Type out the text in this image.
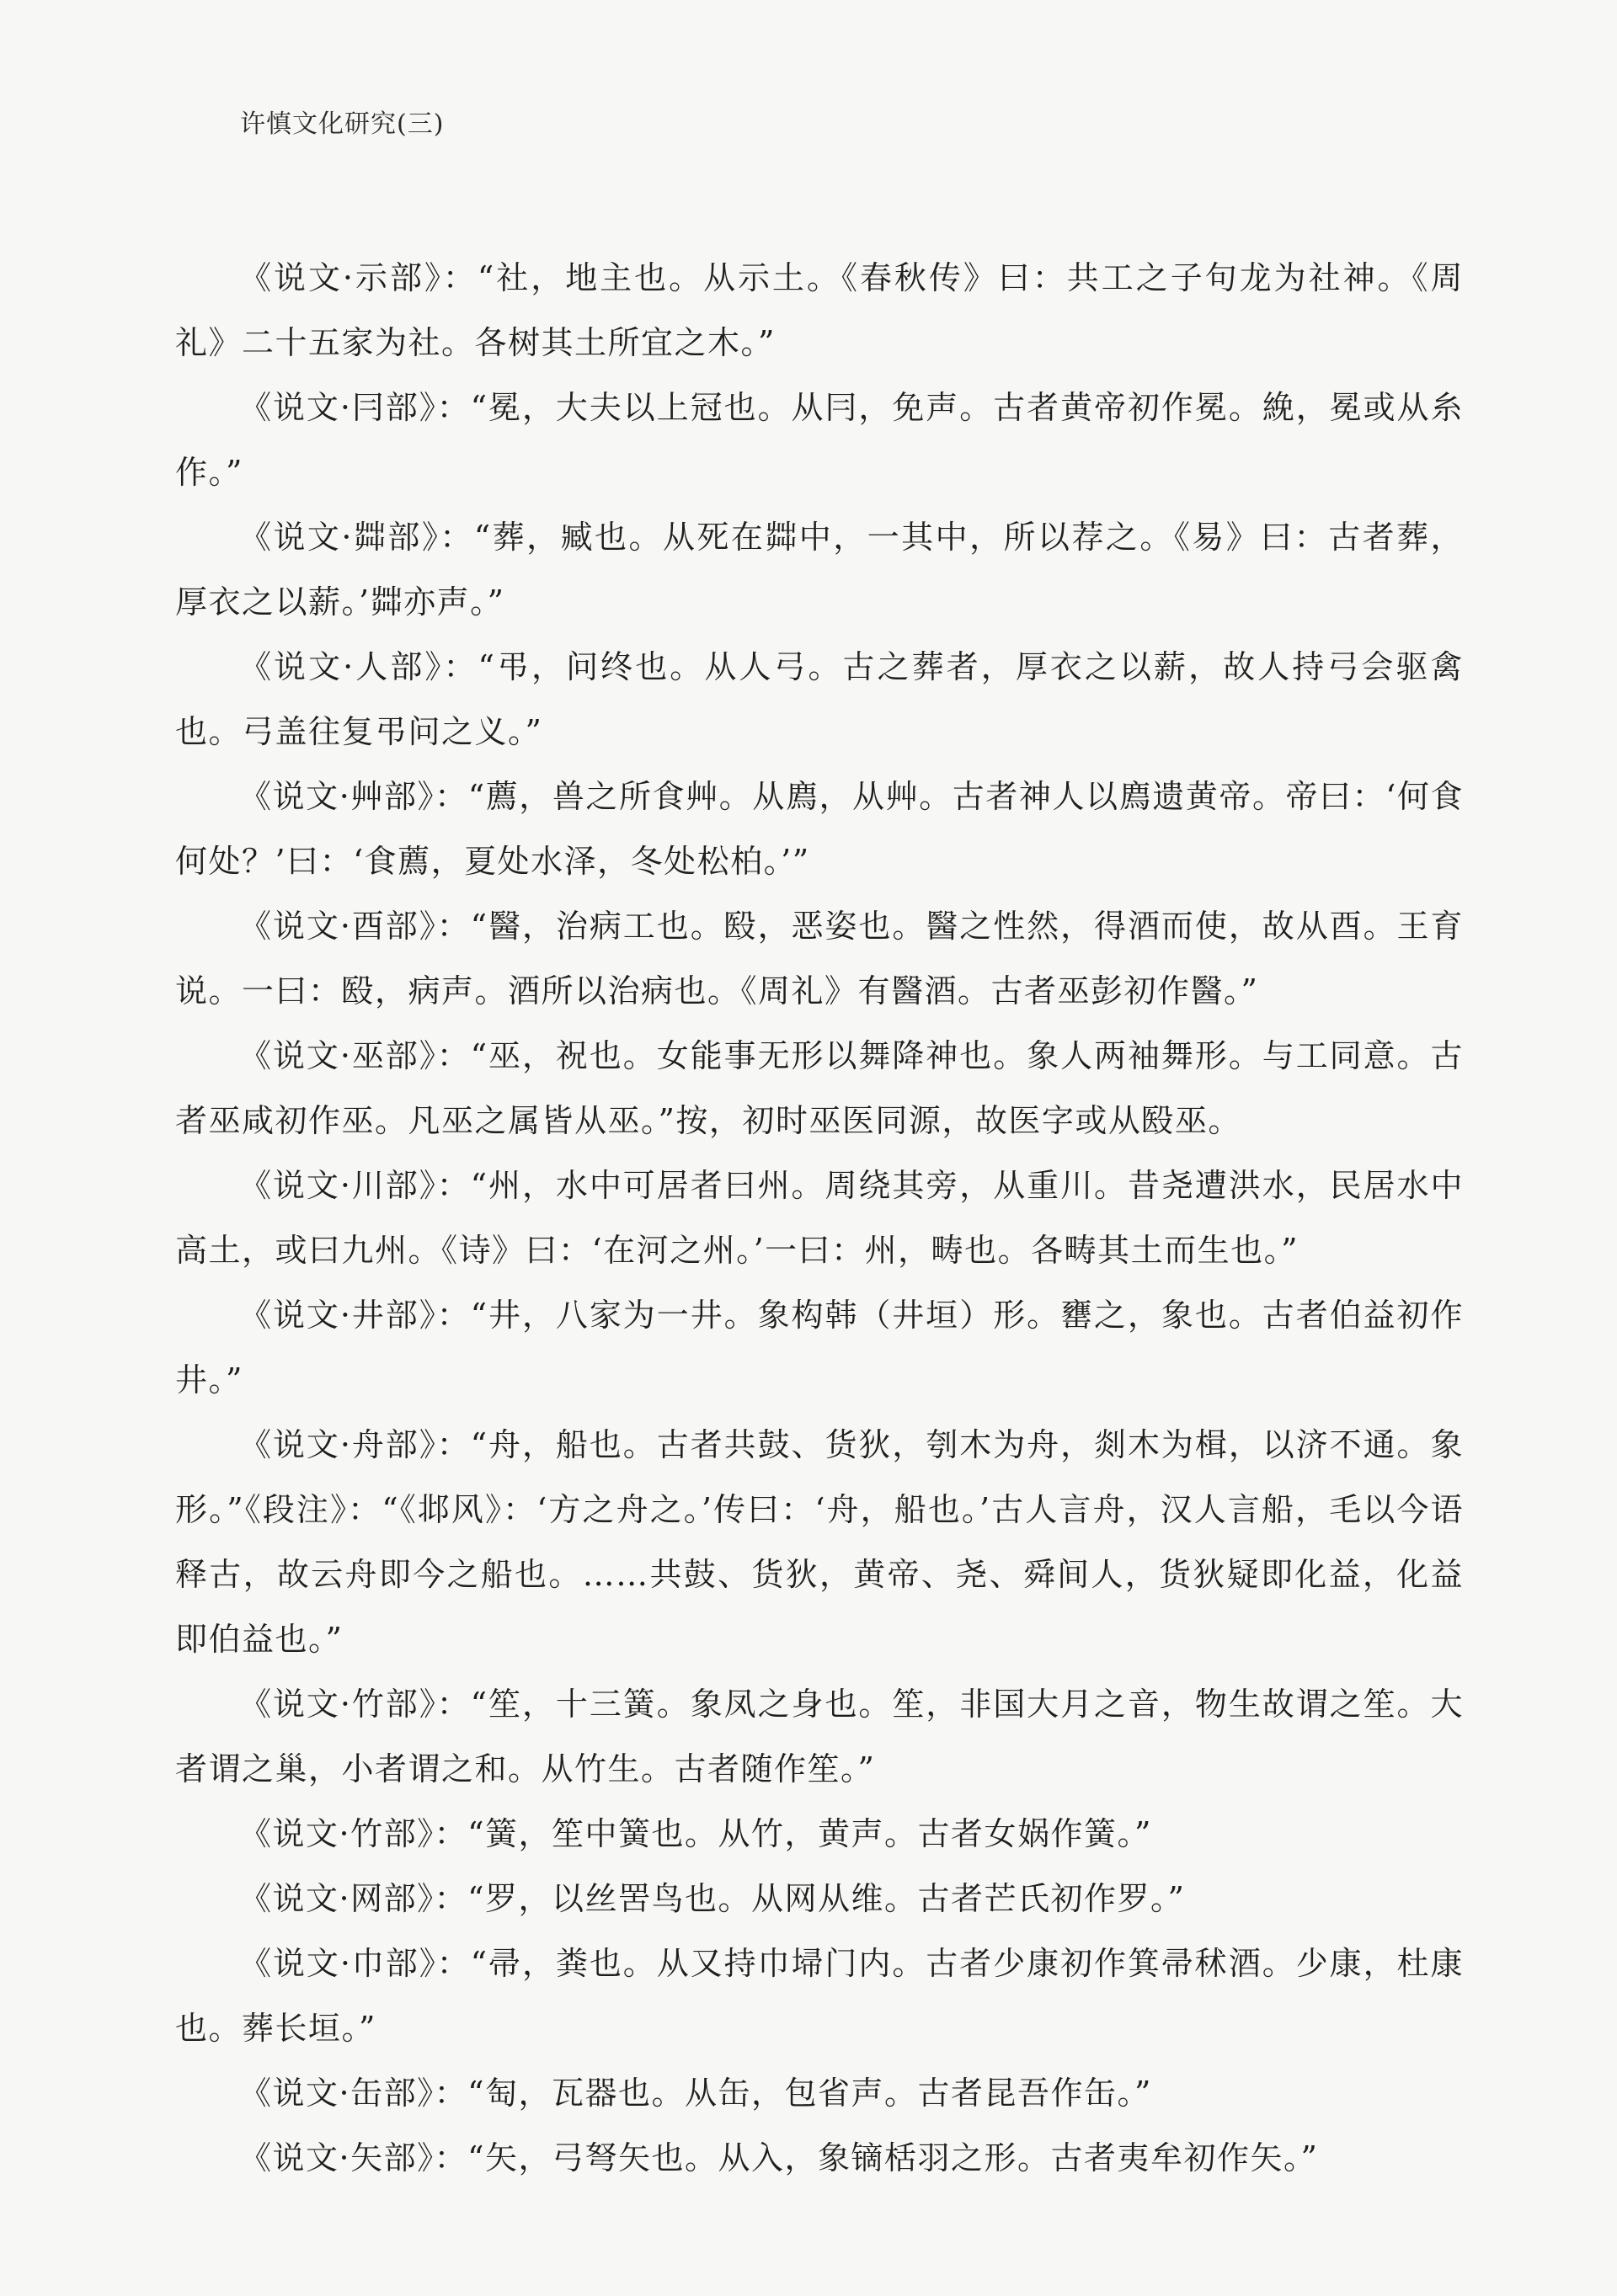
许慎文化研究(三)

《说文·示部》：“社，地主也。从示土。《春秋传》曰：共工之子句龙为社神。《周礼》二十五家为社。各树其土所宜之木。”

《说文·冃部》：“冕，大夫以上冠也。从冃，免声。古者黄帝初作冕。絻，冕或从糸作。”

《说文·茻部》：“葬，臧也。从死在茻中，一其中，所以荐之。《易》曰：古者葬，厚衣之以薪。’茻亦声。”

《说文·人部》：“弔，问终也。从人弓。古之葬者，厚衣之以薪，故人持弓会驱禽也。弓盖往复弔问之义。”

《说文·艸部》：“薦，兽之所食艸。从廌，从艸。古者神人以廌遗黄帝。帝曰：‘何食何处？’曰：‘食薦，夏处水泽，冬处松柏。’”

《说文·酉部》：“醫，治病工也。殹，恶姿也。醫之性然，得酒而使，故从酉。王育说。一曰：殹，病声。酒所以治病也。《周礼》有醫酒。古者巫彭初作醫。”

《说文·巫部》：“巫，祝也。女能事无形以舞降神也。象人两袖舞形。与工同意。古者巫咸初作巫。凡巫之属皆从巫。”按，初时巫医同源，故医字或从殹巫。

《说文·川部》：“州，水中可居者曰州。周绕其旁，从重川。昔尧遭洪水，民居水中高土，或曰九州。《诗》曰：‘在河之州。’一曰：州，畴也。各畴其土而生也。”

《说文·井部》：“井，八家为一井。象构韩（井垣）形。罋之，象也。古者伯益初作井。”

《说文·舟部》：“舟，船也。古者共鼓、货狄，刳木为舟，剡木为楫，以济不通。象形。”《段注》：“《邶风》：‘方之舟之。’传曰：‘舟，船也。’古人言舟，汉人言船，毛以今语释古，故云舟即今之船也。……共鼓、货狄，黄帝、尧、舜间人，货狄疑即化益，化益即伯益也。”

《说文·竹部》：“笙，十三簧。象凤之身也。笙，非国大月之音，物生故谓之笙。大者谓之巢，小者谓之和。从竹生。古者随作笙。”

《说文·竹部》：“簧，笙中簧也。从竹，黄声。古者女娲作簧。”

《说文·网部》：“罗，以丝罟鸟也。从网从维。古者芒氏初作罗。”

《说文·巾部》：“帚，粪也。从又持巾埽门内。古者少康初作箕帚秫酒。少康，杜康也。葬长垣。”

《说文·缶部》：“匋，瓦器也。从缶，包省声。古者昆吾作缶。”

《说文·矢部》：“矢，弓弩矢也。从入，象镝栝羽之形。古者夷牟初作矢。”
